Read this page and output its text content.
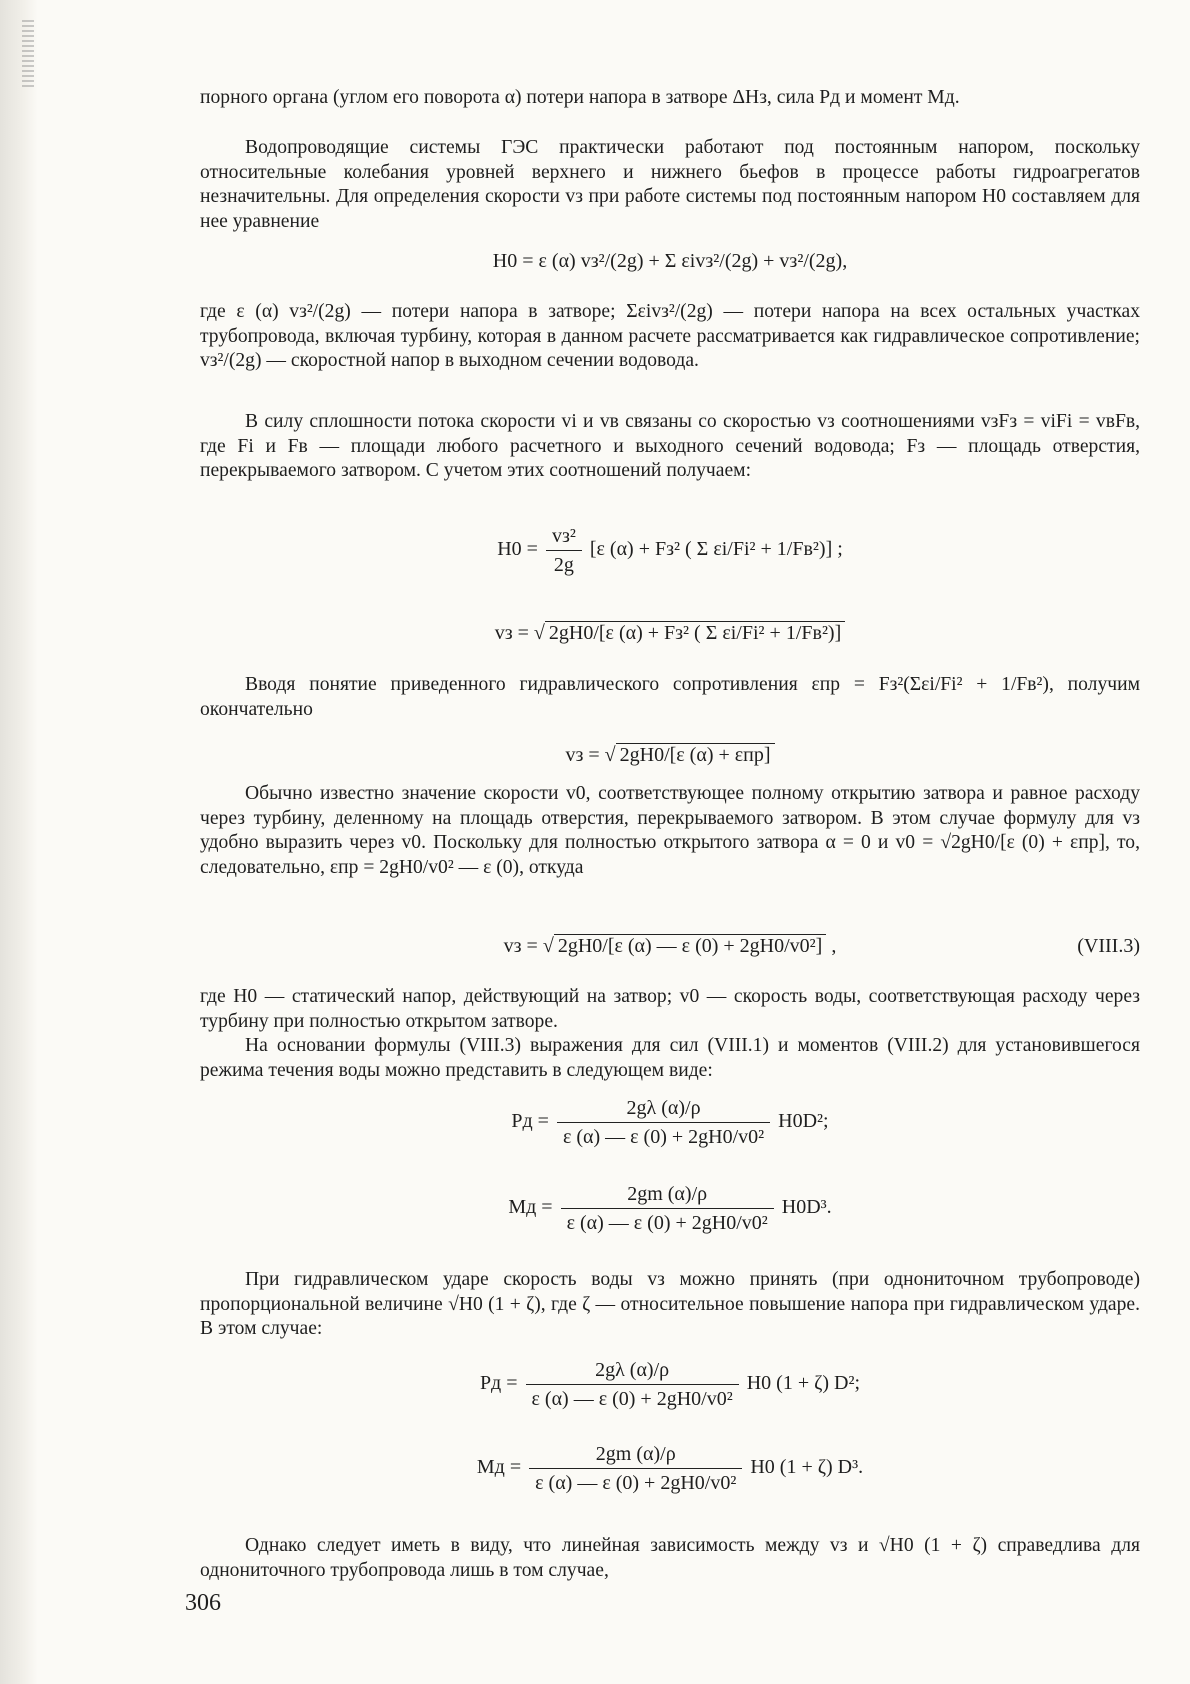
порного органа (углом его поворота α) потери напора в затворе ΔHз, сила Pд и момент Mд.

Водопроводящие системы ГЭС практически работают под постоянным напором, поскольку относительные колебания уровней верхнего и нижнего бьефов в процессе работы гидроагрегатов незначительны. Для определения скорости vз при работе системы под постоянным напором H0 составляем для нее уравнение

H0 = ε (α) vз²/(2g) + Σ εivз²/(2g) + vз²/(2g),

где ε (α) vз²/(2g) — потери напора в затворе; Σεivз²/(2g) — потери напора на всех остальных участках трубопровода, включая турбину, которая в данном расчете рассматривается как гидравлическое сопротивление; vз²/(2g) — скоростной напор в выходном сечении водовода.

В силу сплошности потока скорости vi и vв связаны со скоростью vз соотношениями vзFз = viFi = vвFв, где Fi и Fв — площади любого расчетного и выходного сечений водовода; Fз — площадь отверстия, перекрываемого затвором. С учетом этих соотношений получаем:

$H0 = \frac{\text{vз²}}{2g} [\varepsilon$ (α) + Fз² ( Σ εi/Fi² + 1/Fв²)] ;
vз = √ 2gH0/[ε (α) + Fз² ( Σ εi/Fi² + 1/Fв²)]

Вводя понятие приведенного гидравлического сопротивления εпр = Fз²(Σεi/Fi² + 1/Fв²), получим окончательно

vз = √ 2gH0/[ε (α) + εпр]

Обычно известно значение скорости v0, соответствующее полному открытию затвора и равное расходу через турбину, деленному на площадь отверстия, перекрываемого затвором. В этом случае формулу для vз удобно выразить через v0. Поскольку для полностью открытого затвора α = 0 и v0 = √2gH0/[ε (0) + εпр], то, следовательно, εпр = 2gH0/v0² — ε (0), откуда

vз = √ 2gH0/[ε (α) — ε (0) + 2gH0/v0²] ,	(VIII.3)

где H0 — статический напор, действующий на затвор; v0 — скорость воды, соответствующая расходу через турбину при полностью открытом затворе.

На основании формулы (VIII.3) выражения для сил (VIII.1) и моментов (VIII.2) для установившегося режима течения воды можно представить в следующем виде:

Pд = $\frac{2g\lambda (\alpha)/\rho}{\text{ε (α) — ε (0) + 2gH0/v0²}} H0D^2$;
Mд = $\frac{2gm (\alpha)/\rho}{\text{ε (α) — ε (0) + 2gH0/v0²}} H0D^3$.

При гидравлическом ударе скорость воды vз можно принять (при однониточном трубопроводе) пропорциональной величине √H0 (1 + ζ), где ζ — относительное повышение напора при гидравлическом ударе. В этом случае:

Pд = $\frac{2g\lambda (\alpha)/\rho}{\text{ε (α) — ε (0) + 2gH0/v0²}} H0$ (1 + ζ) D²;
Mд = $\frac{2gm (\alpha)/\rho}{\text{ε (α) — ε (0) + 2gH0/v0²}} H0$ (1 + ζ) D³.

Однако следует иметь в виду, что линейная зависимость между vз и √H0 (1 + ζ) справедлива для однониточного трубопровода лишь в том случае,

306
